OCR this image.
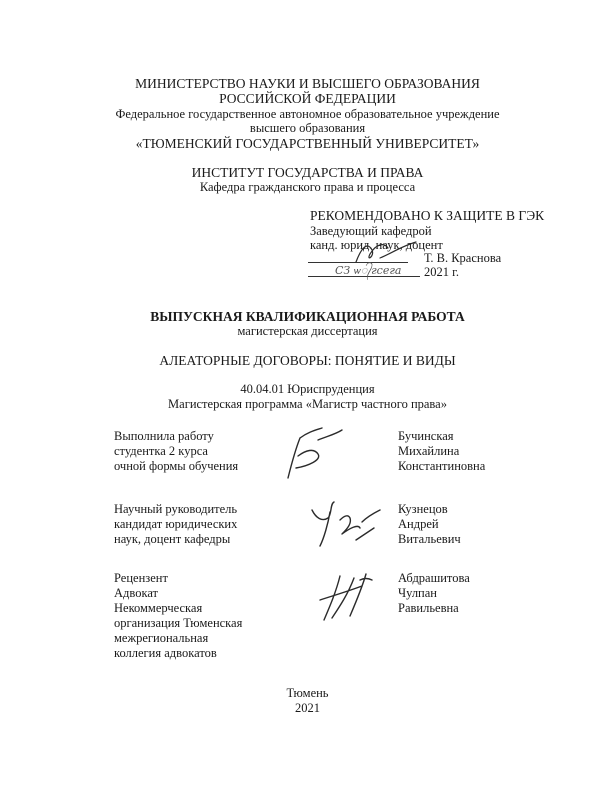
МИНИСТЕРСТВО НАУКИ И ВЫСШЕГО ОБРАЗОВАНИЯ
РОССИЙСКОЙ ФЕДЕРАЦИИ
Федеральное государственное автономное образовательное учреждение
высшего образования
«ТЮМЕНСКИЙ ГОСУДАРСТВЕННЫЙ УНИВЕРСИТЕТ»
ИНСТИТУТ ГОСУДАРСТВА И ПРАВА
Кафедра гражданского права и процесса
РЕКОМЕНДОВАНО К ЗАЩИТЕ В ГЭК
Заведующий кафедрой
канд. юрид. наук, доцент
Т. В. Краснова
СЗ ѡ᭄гсега 2021 г.
ВЫПУСКНАЯ КВАЛИФИКАЦИОННАЯ РАБОТА
магистерская диссертация
АЛЕАТОРНЫЕ ДОГОВОРЫ: ПОНЯТИЕ И ВИДЫ
40.04.01 Юриспруденция
Магистерская программа «Магистр частного права»
Выполнила работу
студентка 2 курса
очной формы обучения
Бучинская
Михайлина
Константиновна
Научный руководитель
кандидат юридических
наук, доцент кафедры
Кузнецов
Андрей
Витальевич
Рецензент
Адвокат
Некоммерческая
организация Тюменская
межрегиональная
коллегия адвокатов
Абдрашитова
Чулпан
Равильевна
Тюмень
2021
